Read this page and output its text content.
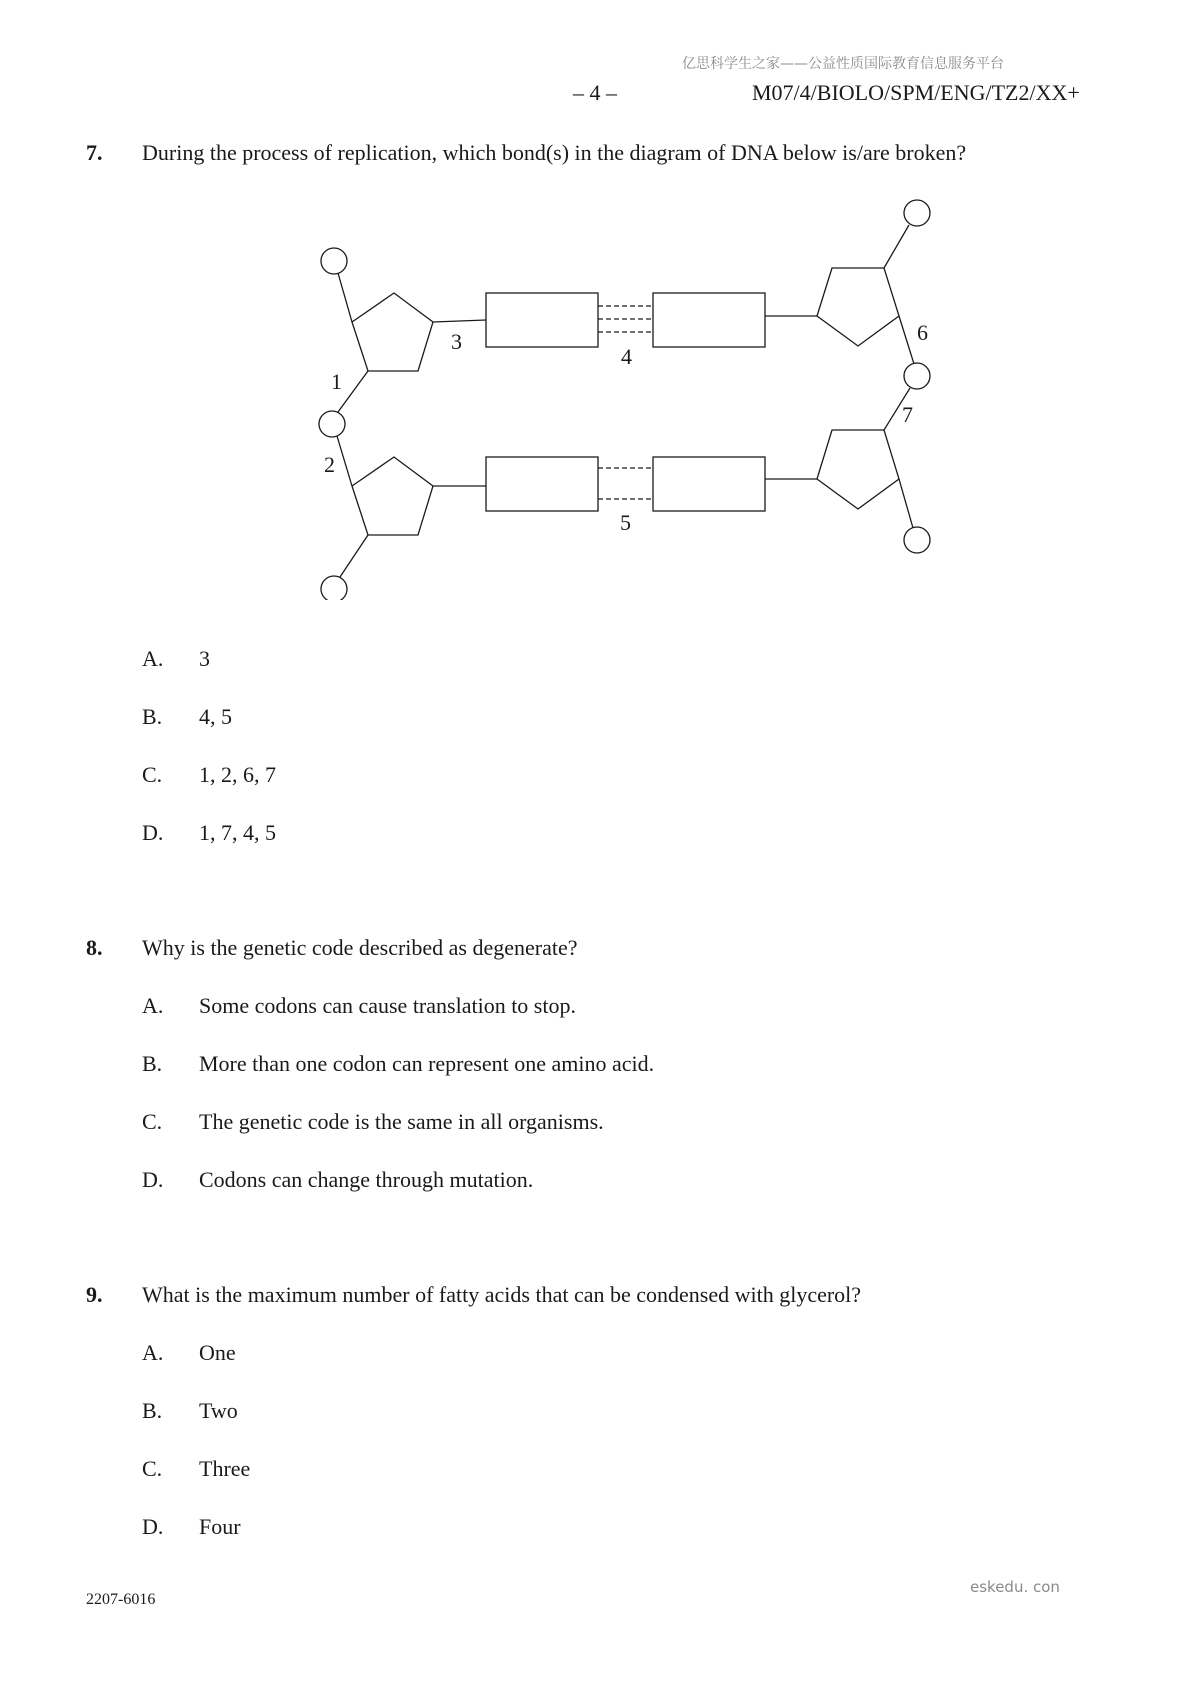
亿思科学生之家——公益性质国际教育信息服务平台
– 4 –	M07/4/BIOLO/SPM/ENG/TZ2/XX+
7. During the process of replication, which bond(s) in the diagram of DNA below is/are broken?
1
2
3
4
5
6
7
A. 3
B. 4, 5
C. 1, 2, 6, 7
D. 1, 7, 4, 5
8. Why is the genetic code described as degenerate?
A. Some codons can cause translation to stop.
B. More than one codon can represent one amino acid.
C. The genetic code is the same in all organisms.
D. Codons can change through mutation.
9. What is the maximum number of fatty acids that can be condensed with glycerol?
A. One
B. Two
C. Three
D. Four
2207-6016
eskedu. con
